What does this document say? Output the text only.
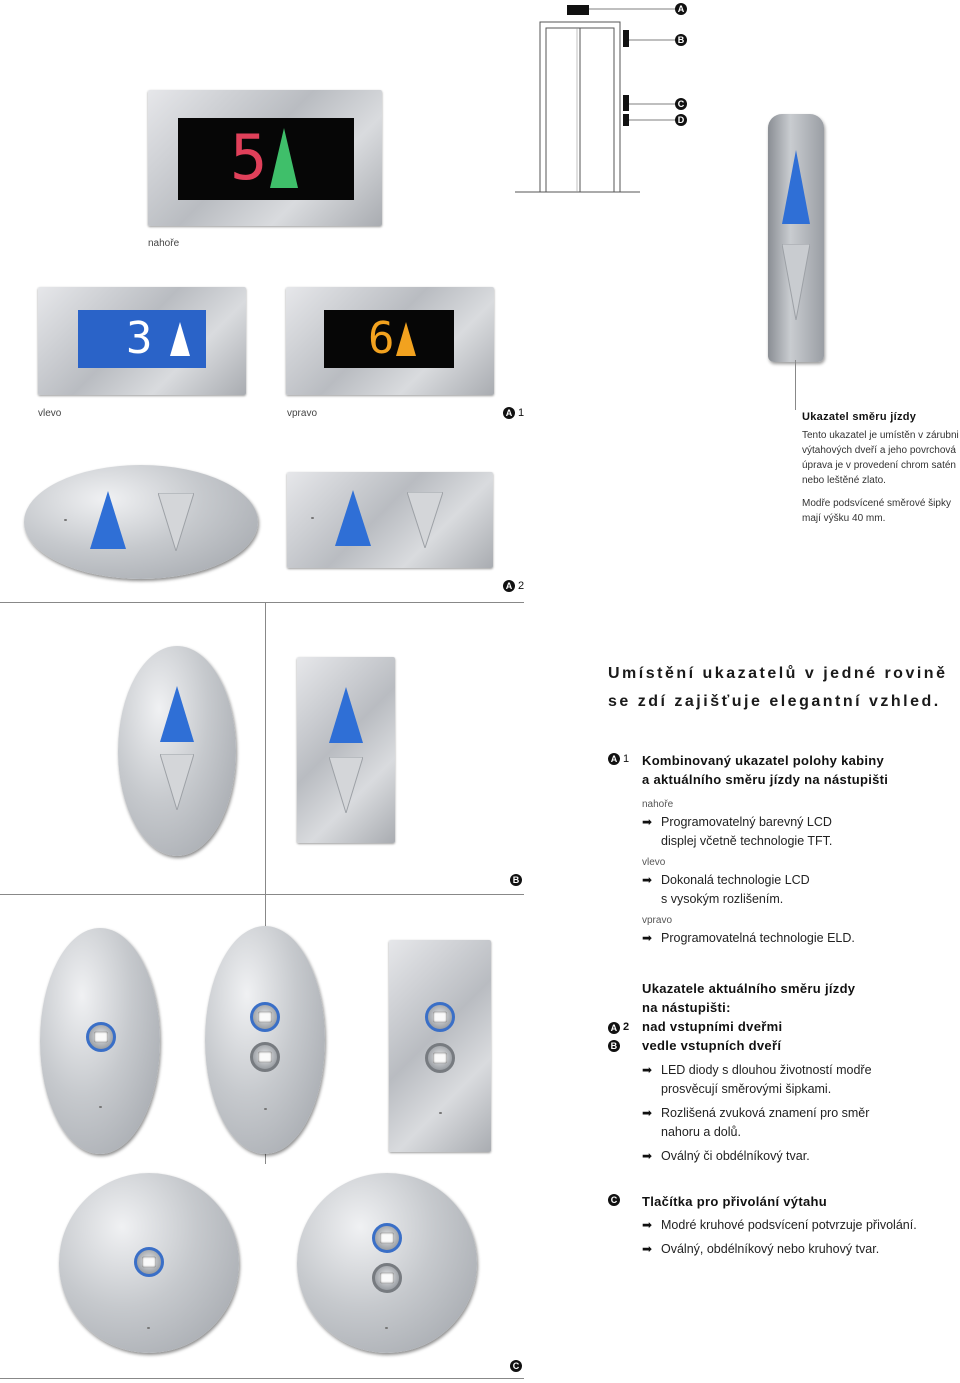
A
B
C
D
5
nahoře
3	6
vlevo	vpravo	A 1	Ukazatel směru jízdy
Tento ukazatel je umístěn v zárubni výtahových dveří a jeho povrchová úprava je v provedení chrom satén nebo leštěné zlato.
Modře podsvícené směrové šipky mají výšku 40 mm.
A 2
Umístění ukazatelů v jedné rovině
se zdí zajišťuje elegantní vzhled.
B
A 1 Kombinovaný ukazatel polohy kabiny
a aktuálního směru jízdy na nástupišti
nahoře
➡ Programovatelný barevný LCD
displej včetně technologie TFT.
vlevo
➡ Dokonalá technologie LCD
s vysokým rozlišením.
vpravo
➡ Programovatelná technologie ELD.
Ukazatele aktuálního směru jízdy
na nástupišti:
A 2 nad vstupními dveřmi
B vedle vstupních dveří
➡ LED diody s dlouhou životností modře
prosvěcují směrovými šipkami.
➡ Rozlišená zvuková znamení pro směr
nahoru a dolů.
➡ Oválný či obdélníkový tvar.
C Tlačítka pro přivolání výtahu
➡ Modré kruhové podsvícení potvrzuje přivolání.
➡ Oválný, obdélníkový nebo kruhový tvar.
C
